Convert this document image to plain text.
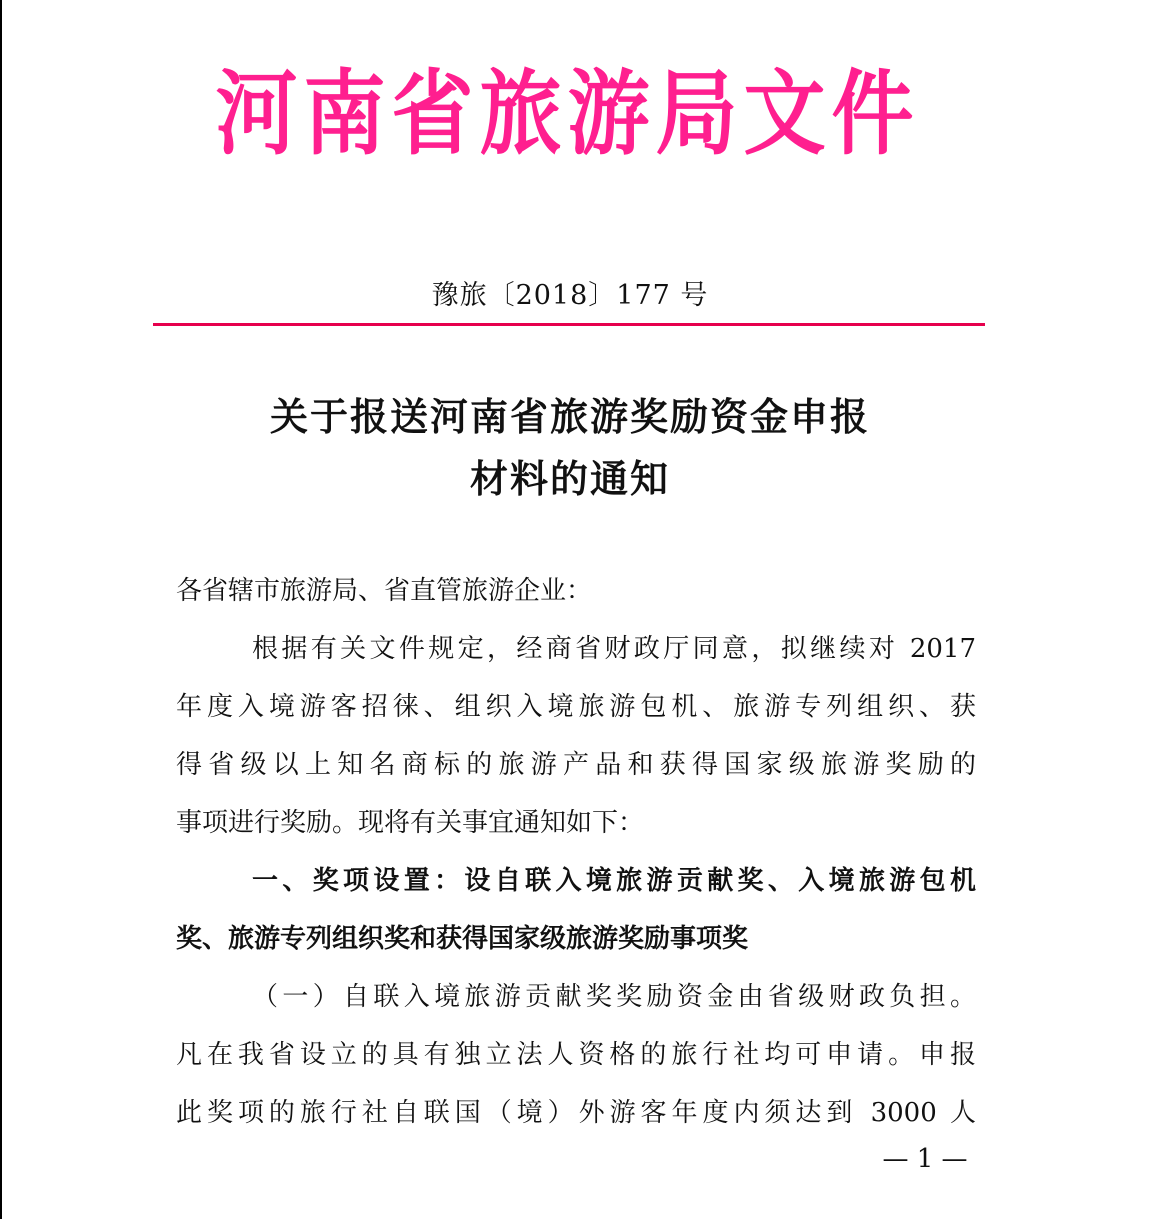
河南省旅游局文件
豫旅〔2018〕177 号
关于报送河南省旅游奖励资金申报
材料的通知
各省辖市旅游局、省直管旅游企业：
根据有关文件规定，经商省财政厅同意，拟继续对 2017
年度入境游客招徕、组织入境旅游包机、旅游专列组织、获
得省级以上知名商标的旅游产品和获得国家级旅游奖励的
事项进行奖励。现将有关事宜通知如下：
一、奖项设置：设自联入境旅游贡献奖、入境旅游包机
奖、旅游专列组织奖和获得国家级旅游奖励事项奖
（一）自联入境旅游贡献奖奖励资金由省级财政负担。
凡在我省设立的具有独立法人资格的旅行社均可申请。申报
此奖项的旅行社自联国（境）外游客年度内须达到 3000 人
— 1 —
